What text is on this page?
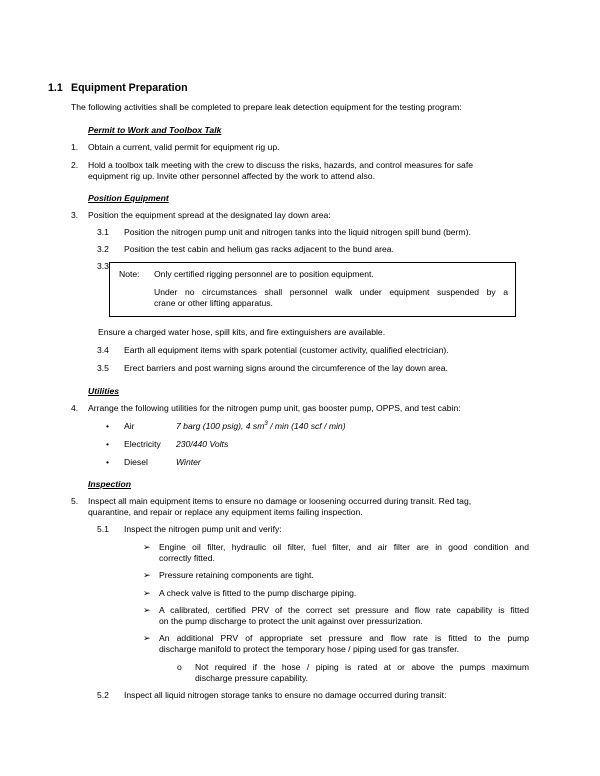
1.1 Equipment Preparation
The following activities shall be completed to prepare leak detection equipment for the testing program:
Permit to Work and Toolbox Talk
1. Obtain a current, valid permit for equipment rig up.
2. Hold a toolbox talk meeting with the crew to discuss the risks, hazards, and control measures for safe
equipment rig up. Invite other personnel affected by the work to attend also.
Position Equipment
3. Position the equipment spread at the designated lay down area:
3.1 Position the nitrogen pump unit and nitrogen tanks into the liquid nitrogen spill bund (berm).
3.2 Position the test cabin and helium gas racks adjacent to the bund area.
3.3
Note: Only certified rigging personnel are to position equipment.
Under no circumstances shall personnel walk under equipment suspended by a
crane or other lifting apparatus.
Ensure a charged water hose, spill kits, and fire extinguishers are available.
3.4 Earth all equipment items with spark potential (customer activity, qualified electrician).
3.5 Erect barriers and post warning signs around the circumference of the lay down area.
Utilities
4. Arrange the following utilities for the nitrogen pump unit, gas booster pump, OPPS, and test cabin:
• Air	7 barg (100 psig), 4 $sm^3$ / min (140 scf / min)
• Electricity 230/440 Volts
• Diesel	Winter
Inspection
5. Inspect all main equipment items to ensure no damage or loosening occurred during transit. Red tag,
quarantine, and repair or replace any equipment items failing inspection.
5.1 Inspect the nitrogen pump unit and verify:
➢ Engine oil filter, hydraulic oil filter, fuel filter, and air filter are in good condition and
correctly fitted.
➢ Pressure retaining components are tight.
➢ A check valve is fitted to the pump discharge piping.
➢ A calibrated, certified PRV of the correct set pressure and flow rate capability is fitted
on the pump discharge to protect the unit against over pressurization.
➢ An additional PRV of appropriate set pressure and flow rate is fitted to the pump
discharge manifold to protect the temporary hose / piping used for gas transfer.
o Not required if the hose / piping is rated at or above the pumps maximum
discharge pressure capability.
5.2 Inspect all liquid nitrogen storage tanks to ensure no damage occurred during transit:
